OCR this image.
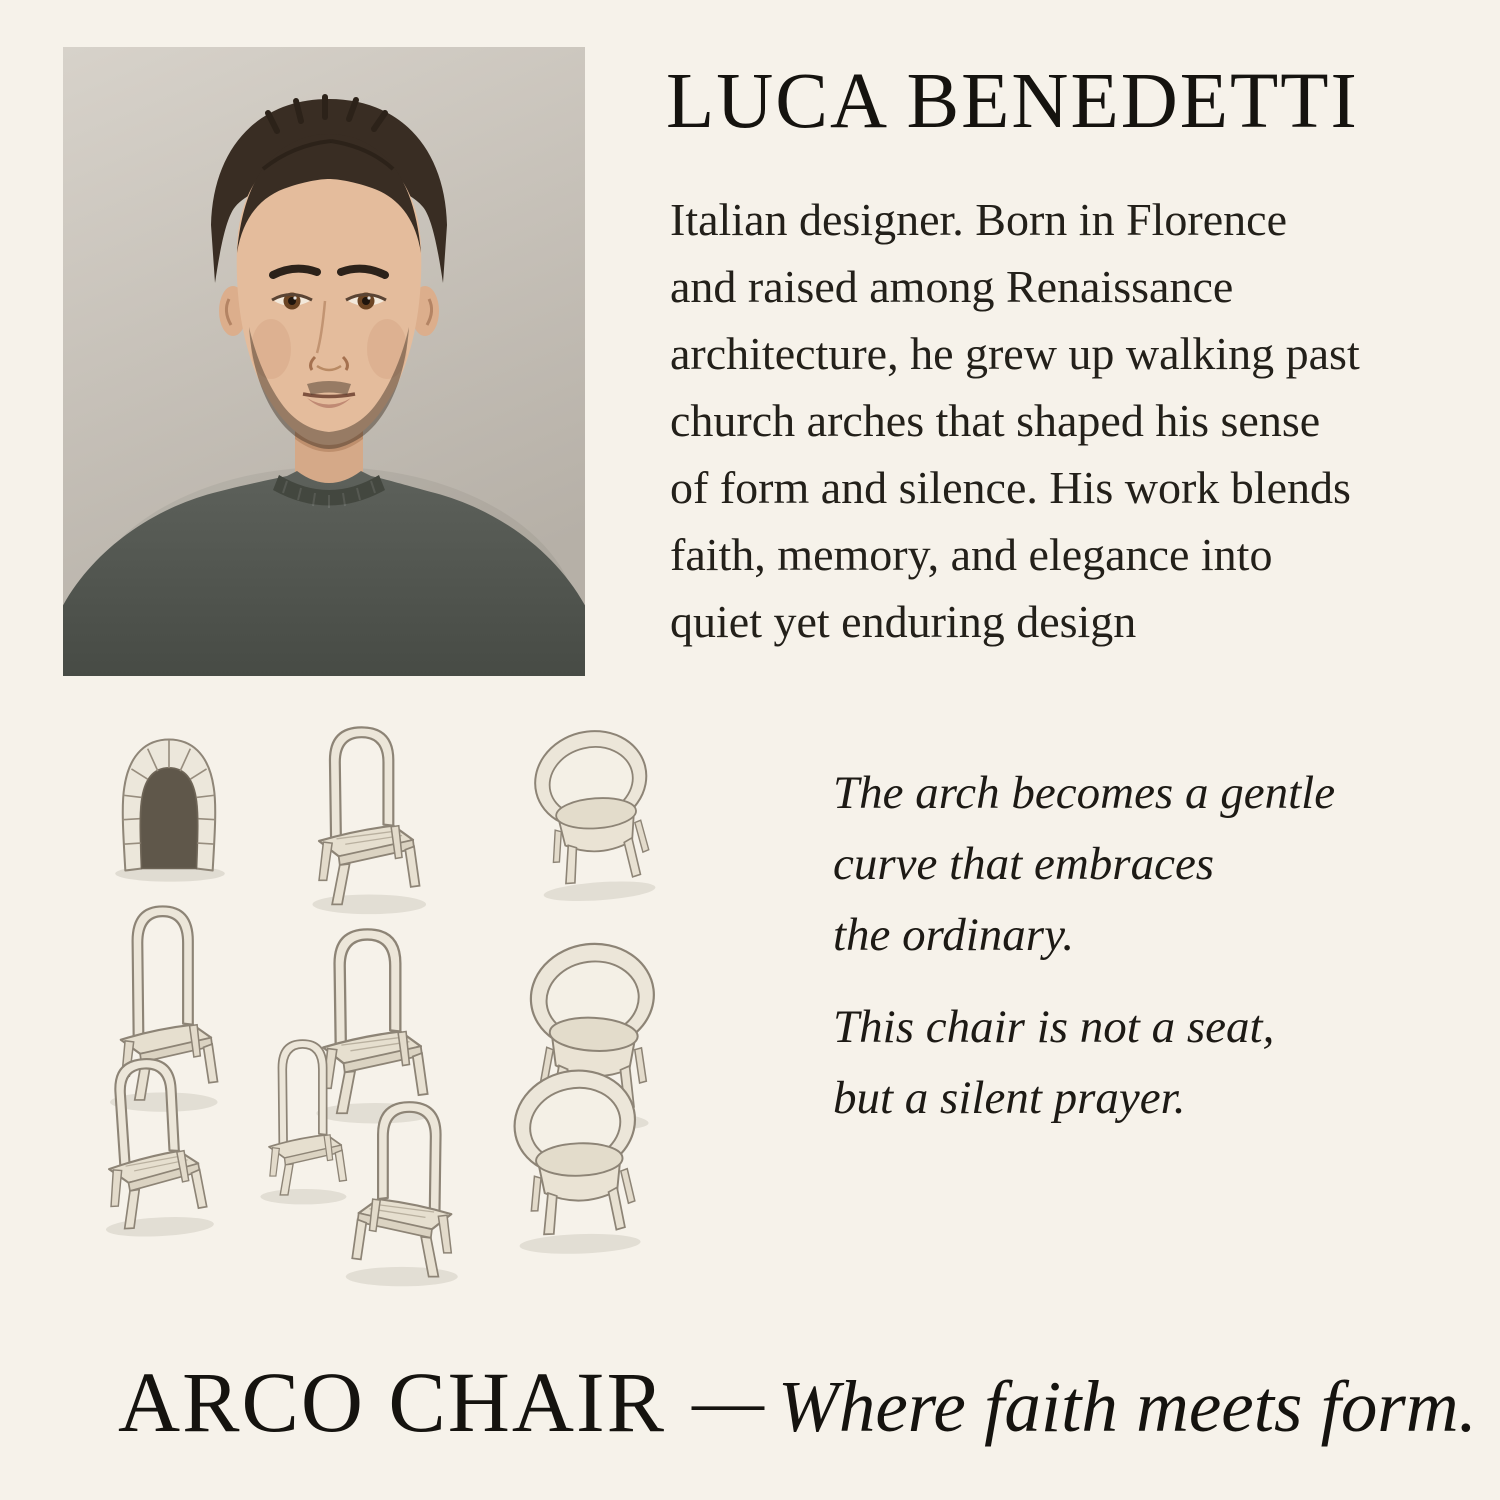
LUCA BENEDETTI
Italian designer. Born in Florence
and raised among Renaissance
architecture, he grew up walking past
church arches that shaped his sense
of form and silence. His work blends
faith, memory, and elegance into
quiet yet enduring design
The arch becomes a gentle
curve that embraces
the ordinary.
This chair is not a seat,
but a silent prayer.
ARCO CHAIR — Where faith meets form.
